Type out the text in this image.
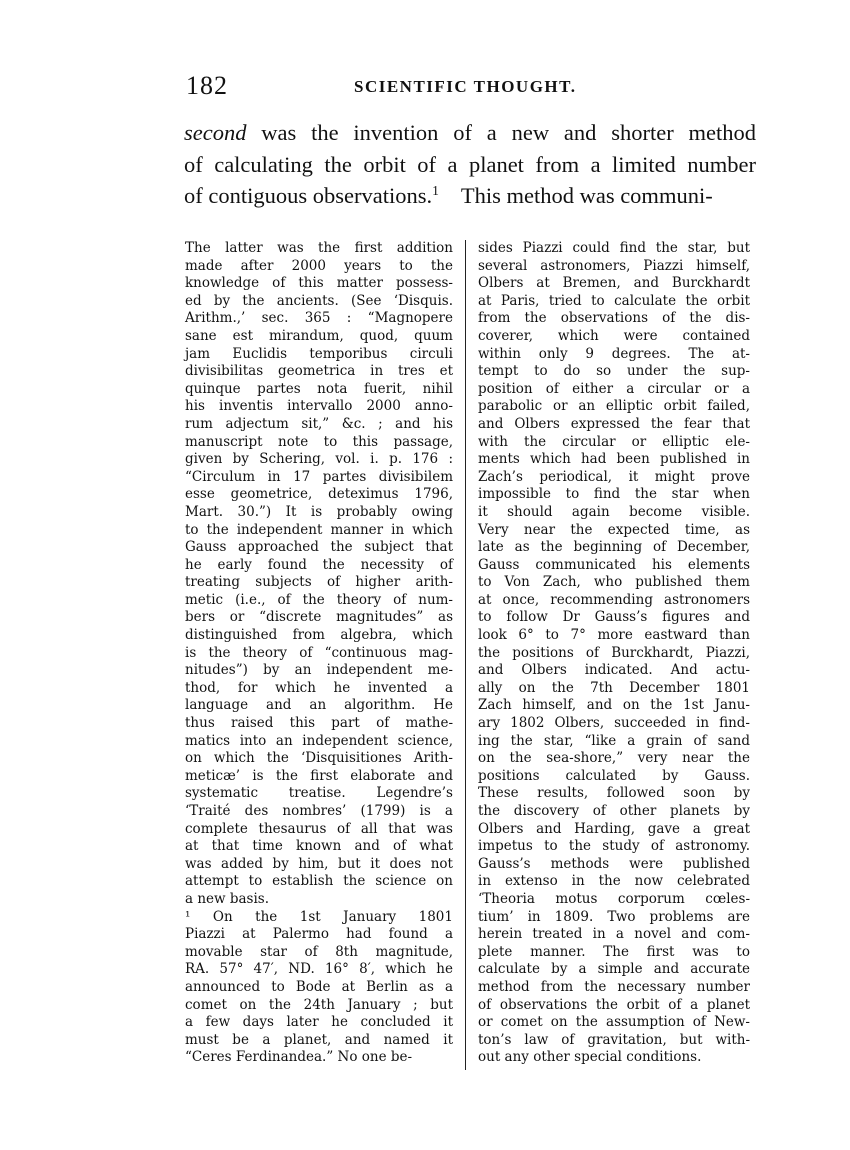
182	SCIENTIFIC THOUGHT.
second was the invention of a new and shorter method
of calculating the orbit of a planet from a limited number
of contiguous observations.$^1$ This method was communi-
The latter was the first addition
made after 2000 years to the
knowledge of this matter possess-
ed by the ancients. (See ‘Disquis.
Arithm.,’ sec. 365 : “Magnopere
sane est mirandum, quod, quum
jam Euclidis temporibus circuli
divisibilitas geometrica in tres et
quinque partes nota fuerit, nihil
his inventis intervallo 2000 anno-
rum adjectum sit,” &c. ; and his
manuscript note to this passage,
given by Schering, vol. i. p. 176 :
“Circulum in 17 partes divisibilem
esse geometrice, deteximus 1796,
Mart. 30.”) It is probably owing
to the independent manner in which
Gauss approached the subject that
he early found the necessity of
treating subjects of higher arith-
metic (i.e., of the theory of num-
bers or “discrete magnitudes” as
distinguished from algebra, which
is the theory of “continuous mag-
nitudes”) by an independent me-
thod, for which he invented a
language and an algorithm. He
thus raised this part of mathe-
matics into an independent science,
on which the ‘Disquisitiones Arith-
meticæ’ is the first elaborate and
systematic treatise. Legendre’s
‘Traité des nombres’ (1799) is a
complete thesaurus of all that was
at that time known and of what
was added by him, but it does not
attempt to establish the science on
a new basis.
¹ On the 1st January 1801
Piazzi at Palermo had found a
movable star of 8th magnitude,
RA. 57° 47′, ND. 16° 8′, which he
announced to Bode at Berlin as a
comet on the 24th January ; but
a few days later he concluded it
must be a planet, and named it
“Ceres Ferdinandea.” No one be-
sides Piazzi could find the star, but
several astronomers, Piazzi himself,
Olbers at Bremen, and Burckhardt
at Paris, tried to calculate the orbit
from the observations of the dis-
coverer, which were contained
within only 9 degrees. The at-
tempt to do so under the sup-
position of either a circular or a
parabolic or an elliptic orbit failed,
and Olbers expressed the fear that
with the circular or elliptic ele-
ments which had been published in
Zach’s periodical, it might prove
impossible to find the star when
it should again become visible.
Very near the expected time, as
late as the beginning of December,
Gauss communicated his elements
to Von Zach, who published them
at once, recommending astronomers
to follow Dr Gauss’s figures and
look 6° to 7° more eastward than
the positions of Burckhardt, Piazzi,
and Olbers indicated. And actu-
ally on the 7th December 1801
Zach himself, and on the 1st Janu-
ary 1802 Olbers, succeeded in find-
ing the star, “like a grain of sand
on the sea-shore,” very near the
positions calculated by Gauss.
These results, followed soon by
the discovery of other planets by
Olbers and Harding, gave a great
impetus to the study of astronomy.
Gauss’s methods were published
in extenso in the now celebrated
‘Theoria motus corporum cœles-
tium’ in 1809. Two problems are
herein treated in a novel and com-
plete manner. The first was to
calculate by a simple and accurate
method from the necessary number
of observations the orbit of a planet
or comet on the assumption of New-
ton’s law of gravitation, but with-
out any other special conditions.
